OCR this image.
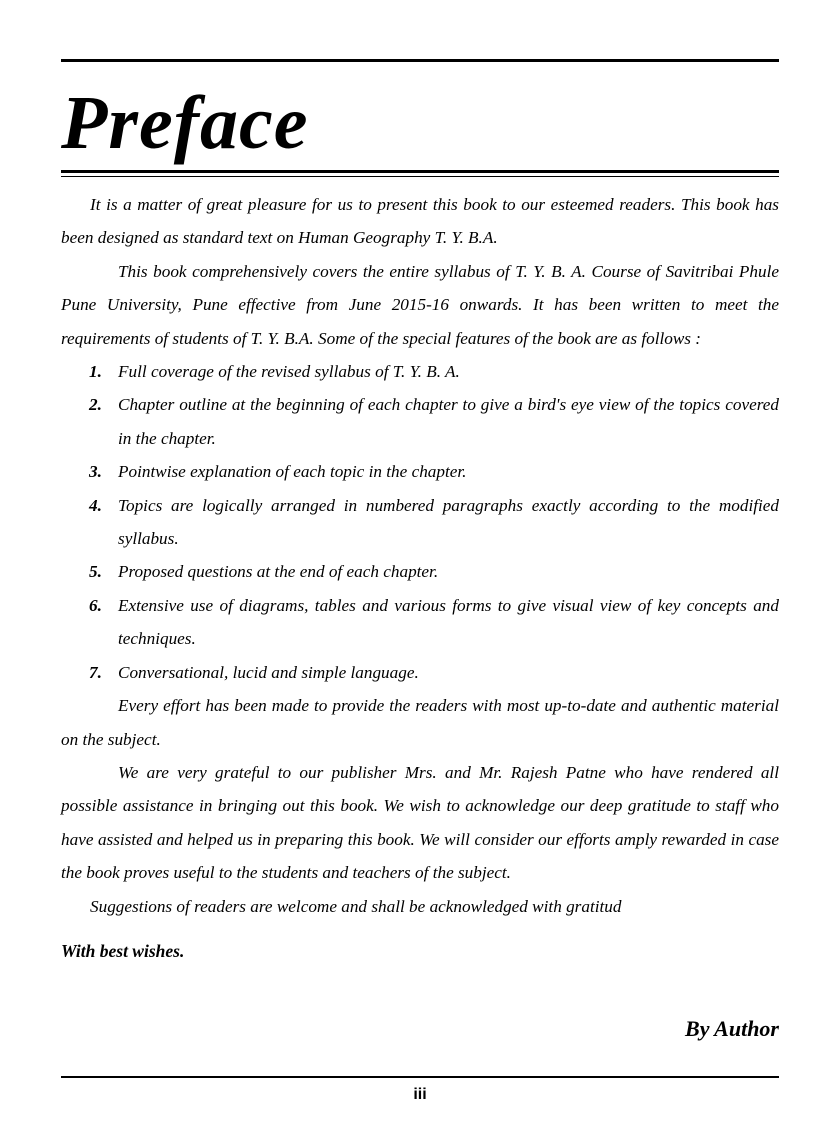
Preface

It is a matter of great pleasure for us to present this book to our esteemed readers. This book has been designed as standard text on Human Geography T. Y. B.A.

This book comprehensively covers the entire syllabus of T. Y. B. A. Course of Savitribai Phule Pune University, Pune effective from June 2015-16 onwards. It has been written to meet the requirements of students of T. Y. B.A. Some of the special features of the book are as follows :

1. Full coverage of the revised syllabus of T. Y. B. A.
2. Chapter outline at the beginning of each chapter to give a bird's eye view of the topics covered in the chapter.
3. Pointwise explanation of each topic in the chapter.
4. Topics are logically arranged in numbered paragraphs exactly according to the modified syllabus.
5. Proposed questions at the end of each chapter.
6. Extensive use of diagrams, tables and various forms to give visual view of key concepts and techniques.
7. Conversational, lucid and simple language.

Every effort has been made to provide the readers with most up-to-date and authentic material on the subject.

We are very grateful to our publisher Mrs. and Mr. Rajesh Patne who have rendered all possible assistance in bringing out this book. We wish to acknowledge our deep gratitude to staff who have assisted and helped us in preparing this book. We will consider our efforts amply rewarded in case the book proves useful to the students and teachers of the subject.

Suggestions of readers are welcome and shall be acknowledged with gratitud

With best wishes.
By Author
iii
